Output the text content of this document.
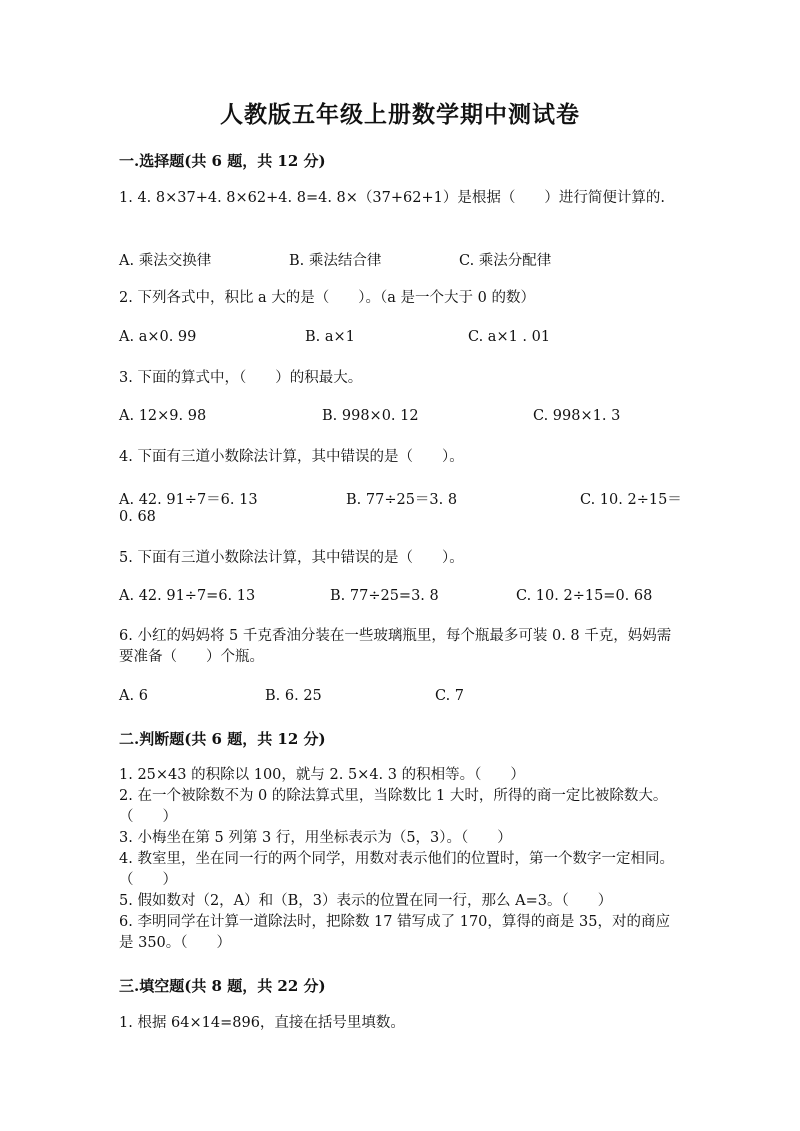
人教版五年级上册数学期中测试卷
一.选择题(共 6 题，共 12 分)
1. 4. 8×37+4. 8×62+4. 8=4. 8×（37+62+1）是根据（　　）进行简便计算的.
A. 乘法交换律	B. 乘法结合律	C. 乘法分配律
2. 下列各式中，积比 a 大的是（　　）。（a 是一个大于 0 的数）
A. a×0. 99	B. a×1	C. a×1 . 01
3. 下面的算式中，（　　）的积最大。
A. 12×9. 98	B. 998×0. 12	C. 998×1. 3
4. 下面有三道小数除法计算，其中错误的是（　　）。
A. 42. 91÷7＝6. 13	B. 77÷25＝3. 8	C. 10. 2÷15＝
0. 68
5. 下面有三道小数除法计算，其中错误的是（　　）。
A. 42. 91÷7=6. 13	B. 77÷25=3. 8	C. 10. 2÷15=0. 68
6. 小红的妈妈将 5 千克香油分装在一些玻璃瓶里，每个瓶最多可装 0. 8 千克，妈妈需要准备（　　）个瓶。
A. 6	B. 6. 25	C. 7
二.判断题(共 6 题，共 12 分)
1. 25×43 的积除以 100，就与 2. 5×4. 3 的积相等。（　　）
2. 在一个被除数不为 0 的除法算式里，当除数比 1 大时，所得的商一定比被除数大。（　　）
3. 小梅坐在第 5 列第 3 行，用坐标表示为（5，3）。（　　）
4. 教室里，坐在同一行的两个同学，用数对表示他们的位置时，第一个数字一定相同。（　　）
5. 假如数对（2，A）和（B，3）表示的位置在同一行，那么 A=3。（　　）
6. 李明同学在计算一道除法时，把除数 17 错写成了 170，算得的商是 35，对的商应是 350。（　　）
三.填空题(共 8 题，共 22 分)
1. 根据 64×14=896，直接在括号里填数。
